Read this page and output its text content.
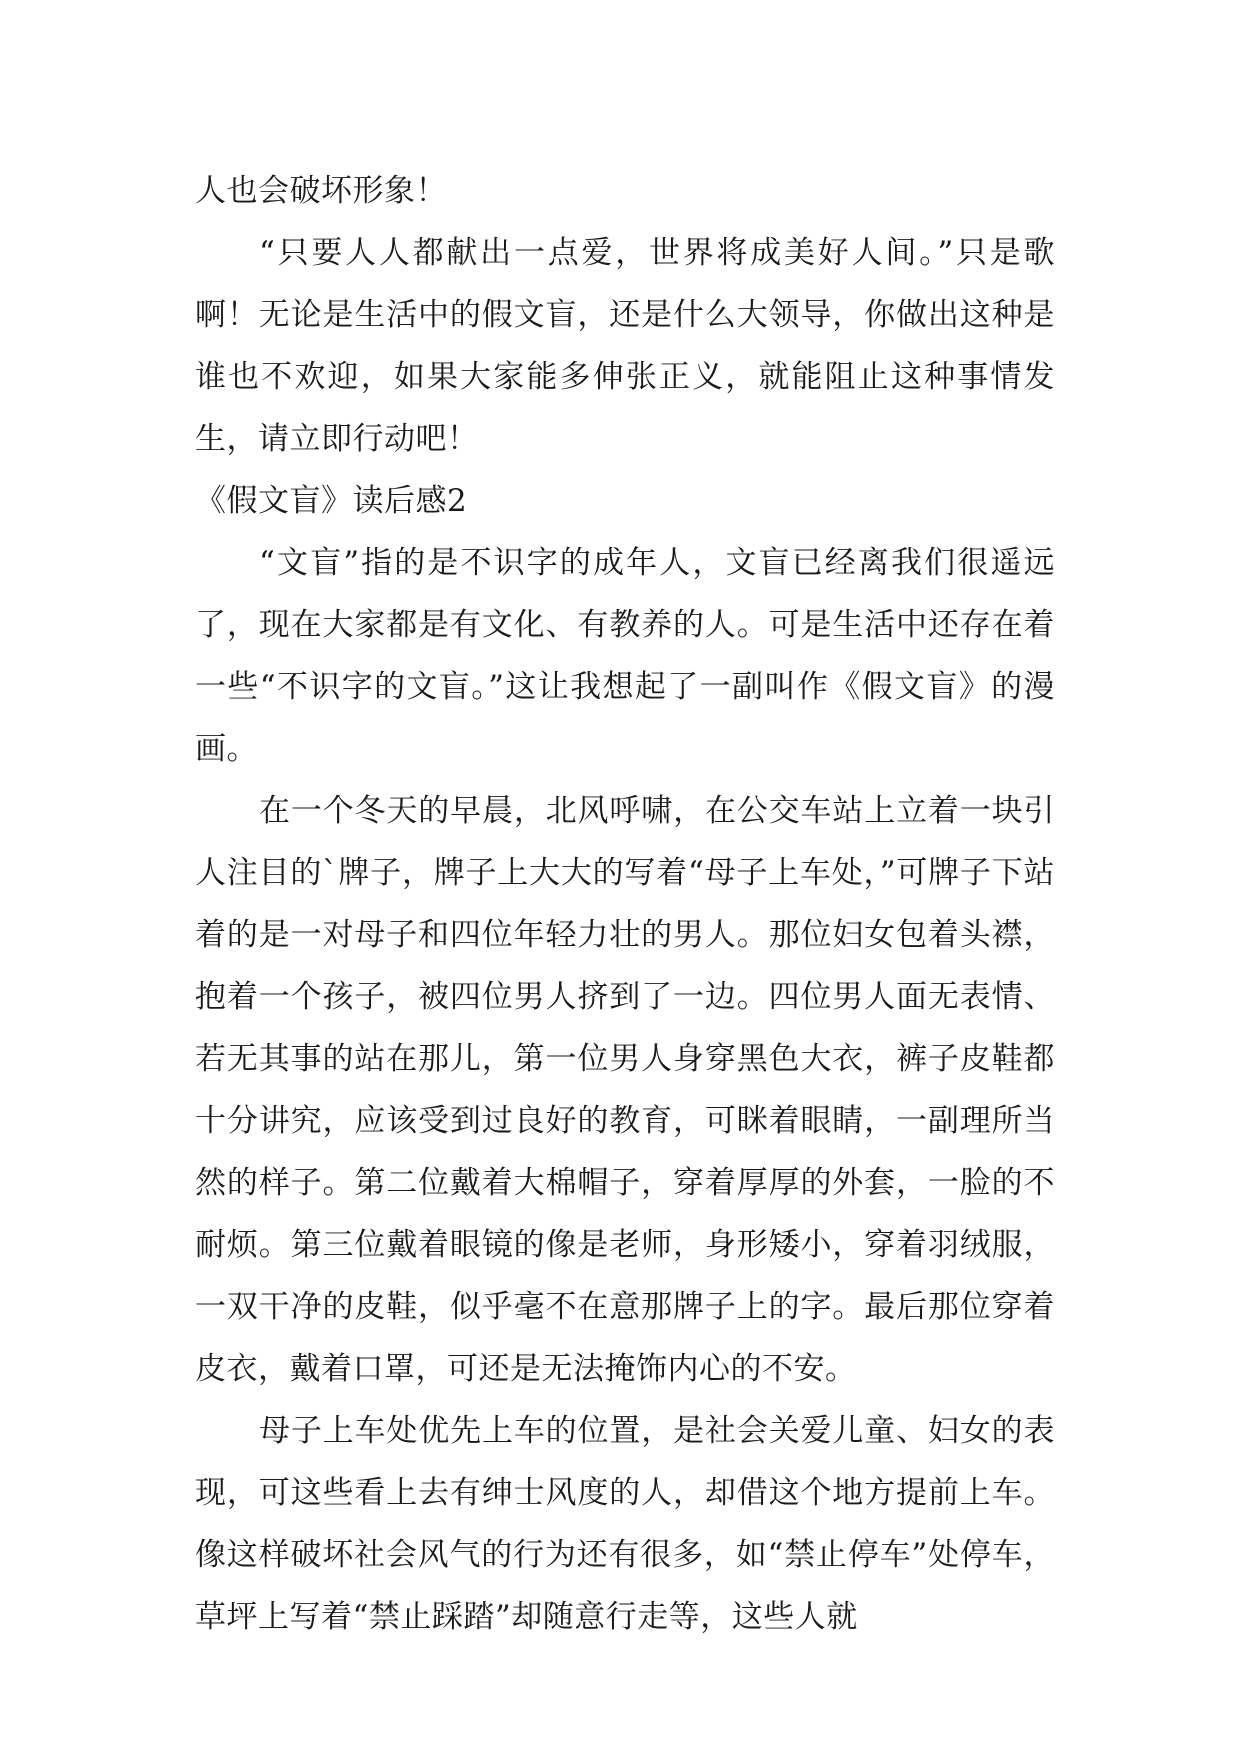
人也会破坏形象！

“只要人人都献出一点爱，世界将成美好人间。”只是歌啊！无论是生活中的假文盲，还是什么大领导，你做出这种是谁也不欢迎，如果大家能多伸张正义，就能阻止这种事情发生，请立即行动吧！

《假文盲》读后感2

“文盲”指的是不识字的成年人，文盲已经离我们很遥远了，现在大家都是有文化、有教养的人。可是生活中还存在着一些“不识字的文盲。”这让我想起了一副叫作《假文盲》的漫画。

在一个冬天的早晨，北风呼啸，在公交车站上立着一块引人注目的`牌子，牌子上大大的写着“母子上车处，”可牌子下站着的是一对母子和四位年轻力壮的男人。那位妇女包着头襟，抱着一个孩子，被四位男人挤到了一边。四位男人面无表情、若无其事的站在那儿，第一位男人身穿黑色大衣，裤子皮鞋都十分讲究，应该受到过良好的教育，可眯着眼睛，一副理所当然的样子。第二位戴着大棉帽子，穿着厚厚的外套，一脸的不耐烦。第三位戴着眼镜的像是老师，身形矮小，穿着羽绒服，一双干净的皮鞋，似乎毫不在意那牌子上的字。最后那位穿着皮衣，戴着口罩，可还是无法掩饰内心的不安。

母子上车处优先上车的位置，是社会关爱儿童、妇女的表现，可这些看上去有绅士风度的人，却借这个地方提前上车。像这样破坏社会风气的行为还有很多，如“禁止停车”处停车，草坪上写着“禁止踩踏”却随意行走等，这些人就
